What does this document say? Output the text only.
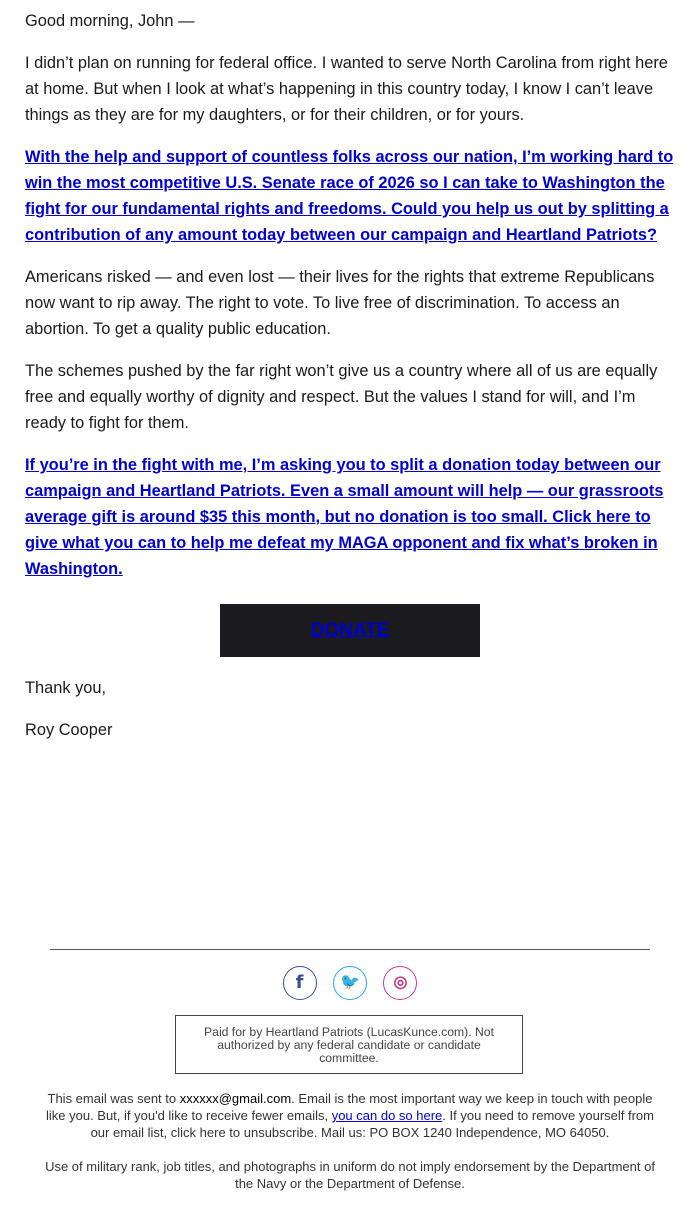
Good morning, John —

I didn’t plan on running for federal office. I wanted to serve North Carolina from right here at home. But when I look at what’s happening in this country today, I know I can’t leave things as they are for my daughters, or for their children, or for yours.

With the help and support of countless folks across our nation, I’m working hard to win the most competitive U.S. Senate race of 2026 so I can take to Washington the fight for our fundamental rights and freedoms. Could you help us out by splitting a contribution of any amount today between our campaign and Heartland Patriots?

Americans risked — and even lost — their lives for the rights that extreme Republicans now want to rip away. The right to vote. To live free of discrimination. To access an abortion. To get a quality public education.

The schemes pushed by the far right won’t give us a country where all of us are equally free and equally worthy of dignity and respect. But the values I stand for will, and I’m ready to fight for them.

If you’re in the fight with me, I’m asking you to split a donation today between our campaign and Heartland Patriots. Even a small amount will help — our grassroots average gift is around $35 this month, but no donation is too small. Click here to give what you can to help me defeat my MAGA opponent and fix what’s broken in Washington.

DONATE

Thank you,

Roy Cooper

f 🐦 ◎
Paid for by Heartland Patriots (LucasKunce.com). Not authorized by any federal candidate or candidate committee.

This email was sent to xxxxxx@gmail.com. Email is the most important way we keep in touch with people like you. But, if you'd like to receive fewer emails, you can do so here. If you need to remove yourself from our email list, click here to unsubscribe. Mail us: PO BOX 1240 Independence, MO 64050.

Use of military rank, job titles, and photographs in uniform do not imply endorsement by the Department of the Navy or the Department of Defense.
